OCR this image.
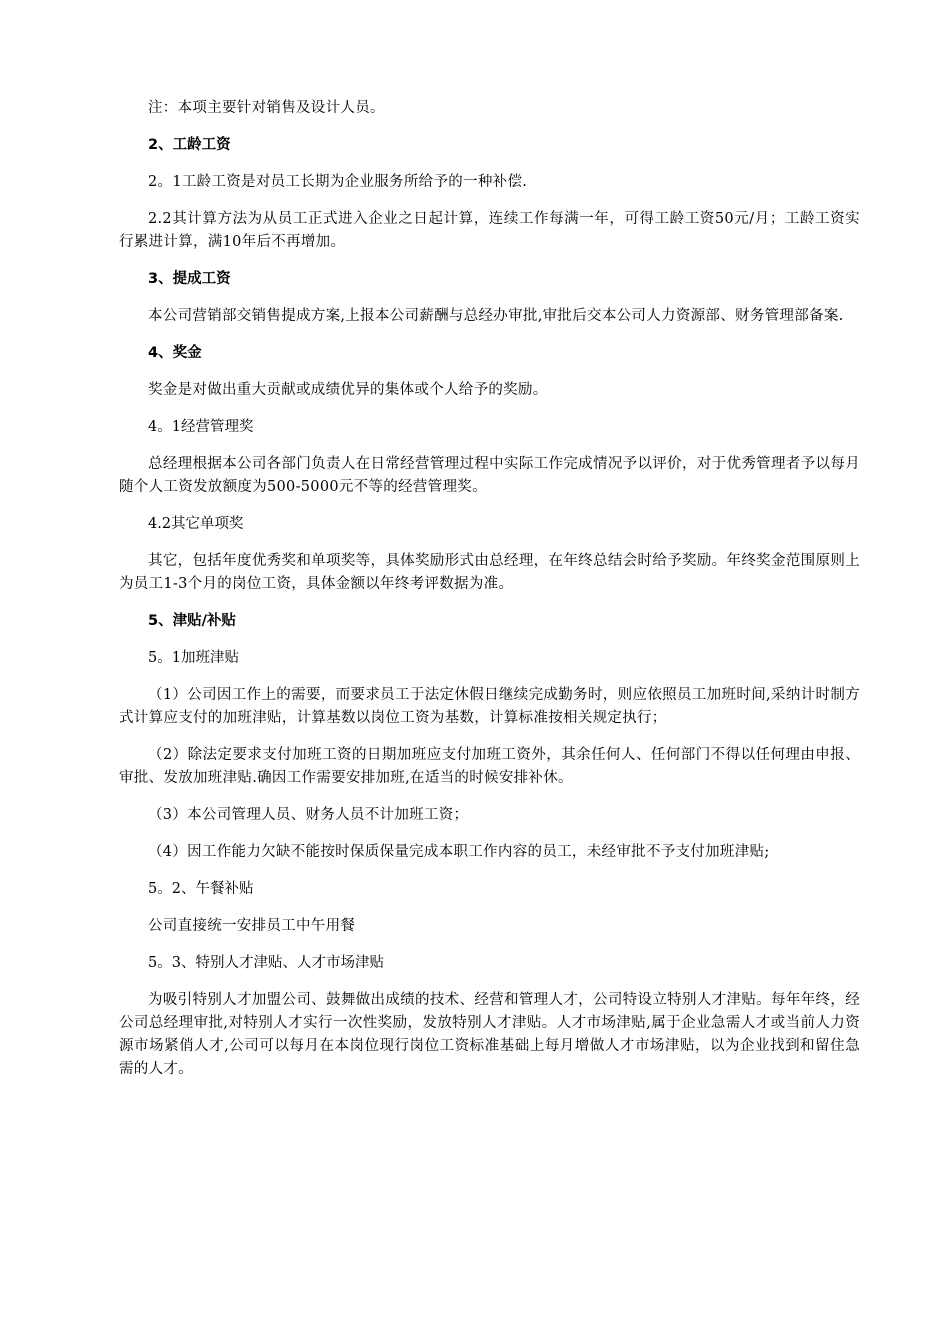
注：本项主要针对销售及设计人员。

2、工龄工资

2。1工龄工资是对员工长期为企业服务所给予的一种补偿.

2.2其计算方法为从员工正式进入企业之日起计算，连续工作每满一年，可得工龄工资50元/月；工龄工资实行累进计算，满10年后不再增加。

3、提成工资

本公司营销部交销售提成方案,上报本公司薪酬与总经办审批,审批后交本公司人力资源部、财务管理部备案.

4、奖金

奖金是对做出重大贡献或成绩优异的集体或个人给予的奖励。

4。1经营管理奖

总经理根据本公司各部门负责人在日常经营管理过程中实际工作完成情况予以评价，对于优秀管理者予以每月随个人工资发放额度为500-5000元不等的经营管理奖。

4.2其它单项奖

其它，包括年度优秀奖和单项奖等，具体奖励形式由总经理，在年终总结会时给予奖励。年终奖金范围原则上为员工1-3个月的岗位工资，具体金额以年终考评数据为准。

5、津贴/补贴

5。1加班津贴

（1）公司因工作上的需要，而要求员工于法定休假日继续完成勤务时，则应依照员工加班时间,采纳计时制方式计算应支付的加班津贴，计算基数以岗位工资为基数，计算标准按相关规定执行；

（2）除法定要求支付加班工资的日期加班应支付加班工资外，其余任何人、任何部门不得以任何理由申报、审批、发放加班津贴.确因工作需要安排加班,在适当的时候安排补休。

（3）本公司管理人员、财务人员不计加班工资；

（4）因工作能力欠缺不能按时保质保量完成本职工作内容的员工，未经审批不予支付加班津贴;

5。2、午餐补贴

公司直接统一安排员工中午用餐

5。3、特别人才津贴、人才市场津贴

为吸引特别人才加盟公司、鼓舞做出成绩的技术、经营和管理人才，公司特设立特别人才津贴。每年年终，经公司总经理审批,对特别人才实行一次性奖励，发放特别人才津贴。人才市场津贴,属于企业急需人才或当前人力资源市场紧俏人才,公司可以每月在本岗位现行岗位工资标准基础上每月增做人才市场津贴，以为企业找到和留住急需的人才。
